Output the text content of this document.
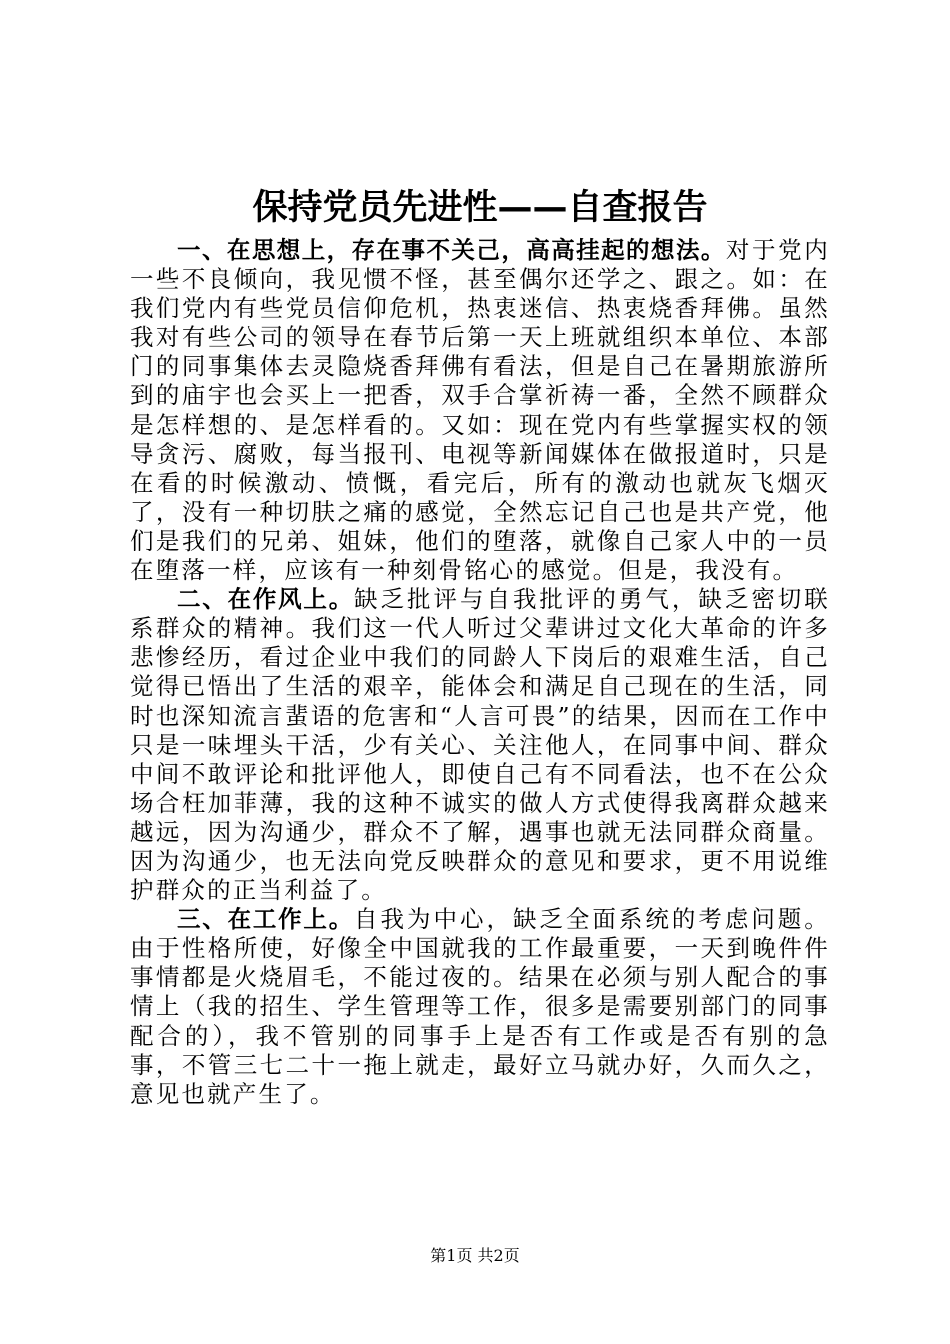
保持党员先进性——自查报告

一、在思想上，存在事不关己，高高挂起的想法。对于党内一些不良倾向，我见惯不怪，甚至偶尔还学之、跟之。如：在我们党内有些党员信仰危机，热衷迷信、热衷烧香拜佛。虽然我对有些公司的领导在春节后第一天上班就组织本单位、本部门的同事集体去灵隐烧香拜佛有看法，但是自己在暑期旅游所到的庙宇也会买上一把香，双手合掌祈祷一番，全然不顾群众是怎样想的、是怎样看的。又如：现在党内有些掌握实权的领导贪污、腐败，每当报刊、电视等新闻媒体在做报道时，只是在看的时候激动、愤慨，看完后，所有的激动也就灰飞烟灭了，没有一种切肤之痛的感觉，全然忘记自己也是共产党，他们是我们的兄弟、姐妹，他们的堕落，就像自己家人中的一员在堕落一样，应该有一种刻骨铭心的感觉。但是，我没有。

二、在作风上。缺乏批评与自我批评的勇气，缺乏密切联系群众的精神。我们这一代人听过父辈讲过文化大革命的许多悲惨经历，看过企业中我们的同龄人下岗后的艰难生活，自己觉得已悟出了生活的艰辛，能体会和满足自己现在的生活，同时也深知流言蜚语的危害和“人言可畏”的结果，因而在工作中只是一味埋头干活，少有关心、关注他人，在同事中间、群众中间不敢评论和批评他人，即使自己有不同看法，也不在公众场合枉加菲薄，我的这种不诚实的做人方式使得我离群众越来越远，因为沟通少，群众不了解，遇事也就无法同群众商量。因为沟通少，也无法向党反映群众的意见和要求，更不用说维护群众的正当利益了。

三、在工作上。自我为中心，缺乏全面系统的考虑问题。由于性格所使，好像全中国就我的工作最重要，一天到晚件件事情都是火烧眉毛，不能过夜的。结果在必须与别人配合的事情上（我的招生、学生管理等工作，很多是需要别部门的同事配合的），我不管别的同事手上是否有工作或是否有别的急事，不管三七二十一拖上就走，最好立马就办好，久而久之，意见也就产生了。

第1页 共2页
